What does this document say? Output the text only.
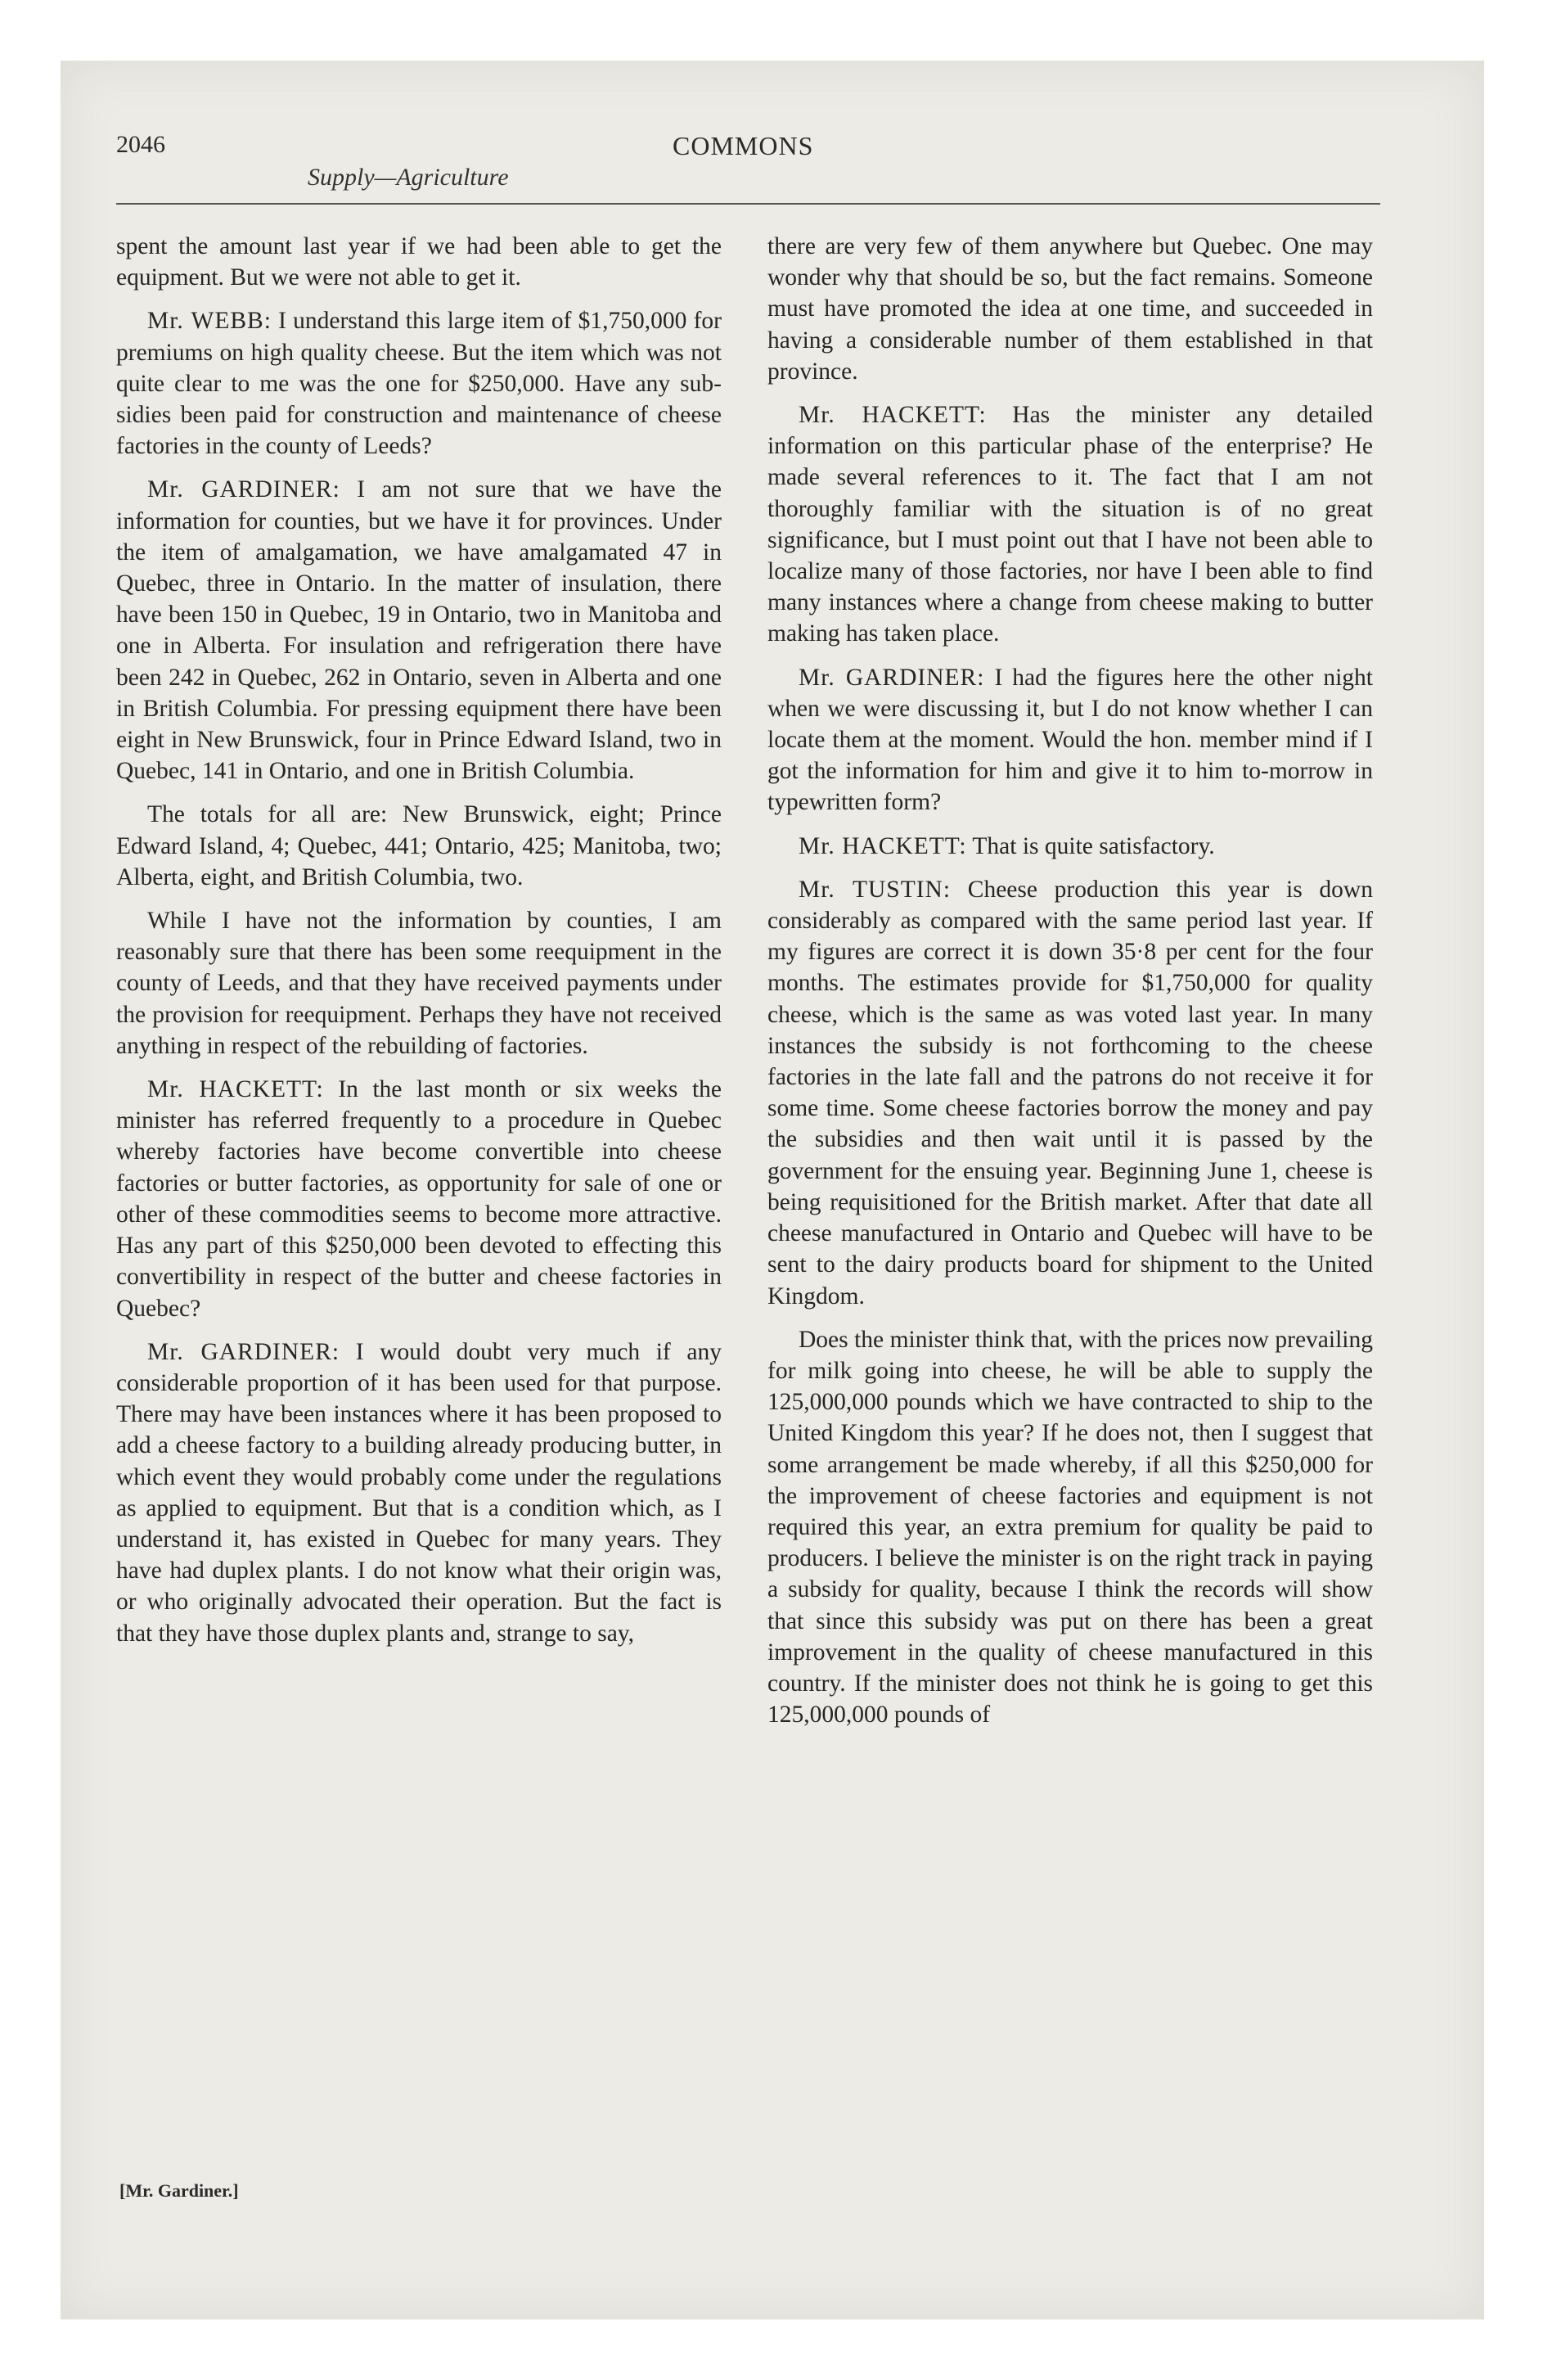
2046	COMMONS
Supply—Agriculture

spent the amount last year if we had been able to get the equipment. But we were not able to get it.

Mr. WEBB: I understand this large item of $1,750,000 for premiums on high quality cheese. But the item which was not quite clear to me was the one for $250,000. Have any subsidies been paid for construction and maintenance of cheese factories in the county of Leeds?

Mr. GARDINER: I am not sure that we have the information for counties, but we have it for provinces. Under the item of amalgamation, we have amalgamated 47 in Quebec, three in Ontario. In the matter of insulation, there have been 150 in Quebec, 19 in Ontario, two in Manitoba and one in Alberta. For insulation and refrigeration there have been 242 in Quebec, 262 in Ontario, seven in Alberta and one in British Columbia. For pressing equipment there have been eight in New Brunswick, four in Prince Edward Island, two in Quebec, 141 in Ontario, and one in British Columbia.

The totals for all are: New Brunswick, eight; Prince Edward Island, 4; Quebec, 441; Ontario, 425; Manitoba, two; Alberta, eight, and British Columbia, two.

While I have not the information by counties, I am reasonably sure that there has been some reequipment in the county of Leeds, and that they have received payments under the provision for reequipment. Perhaps they have not received anything in respect of the rebuilding of factories.

Mr. HACKETT: In the last month or six weeks the minister has referred frequently to a procedure in Quebec whereby factories have become convertible into cheese factories or butter factories, as opportunity for sale of one or other of these commodities seems to become more attractive. Has any part of this $250,000 been devoted to effecting this convertibility in respect of the butter and cheese factories in Quebec?

Mr. GARDINER: I would doubt very much if any considerable proportion of it has been used for that purpose. There may have been instances where it has been proposed to add a cheese factory to a building already producing butter, in which event they would probably come under the regulations as applied to equipment. But that is a condition which, as I understand it, has existed in Quebec for many years. They have had duplex plants. I do not know what their origin was, or who originally advocated their operation. But the fact is that they have those duplex plants and, strange to say,

there are very few of them anywhere but Quebec. One may wonder why that should be so, but the fact remains. Someone must have promoted the idea at one time, and succeeded in having a considerable number of them established in that province.

Mr. HACKETT: Has the minister any detailed information on this particular phase of the enterprise? He made several references to it. The fact that I am not thoroughly familiar with the situation is of no great significance, but I must point out that I have not been able to localize many of those factories, nor have I been able to find many instances where a change from cheese making to butter making has taken place.

Mr. GARDINER: I had the figures here the other night when we were discussing it, but I do not know whether I can locate them at the moment. Would the hon. member mind if I got the information for him and give it to him to-morrow in typewritten form?

Mr. HACKETT: That is quite satisfactory.

Mr. TUSTIN: Cheese production this year is down considerably as compared with the same period last year. If my figures are correct it is down 35·8 per cent for the four months. The estimates provide for $1,750,000 for quality cheese, which is the same as was voted last year. In many instances the subsidy is not forthcoming to the cheese factories in the late fall and the patrons do not receive it for some time. Some cheese factories borrow the money and pay the subsidies and then wait until it is passed by the government for the ensuing year. Beginning June 1, cheese is being requisitioned for the British market. After that date all cheese manufactured in Ontario and Quebec will have to be sent to the dairy products board for shipment to the United Kingdom.

Does the minister think that, with the prices now prevailing for milk going into cheese, he will be able to supply the 125,000,000 pounds which we have contracted to ship to the United Kingdom this year? If he does not, then I suggest that some arrangement be made whereby, if all this $250,000 for the improvement of cheese factories and equipment is not required this year, an extra premium for quality be paid to producers. I believe the minister is on the right track in paying a subsidy for quality, because I think the records will show that since this subsidy was put on there has been a great improvement in the quality of cheese manufactured in this country. If the minister does not think he is going to get this 125,000,000 pounds of

[Mr. Gardiner.]
